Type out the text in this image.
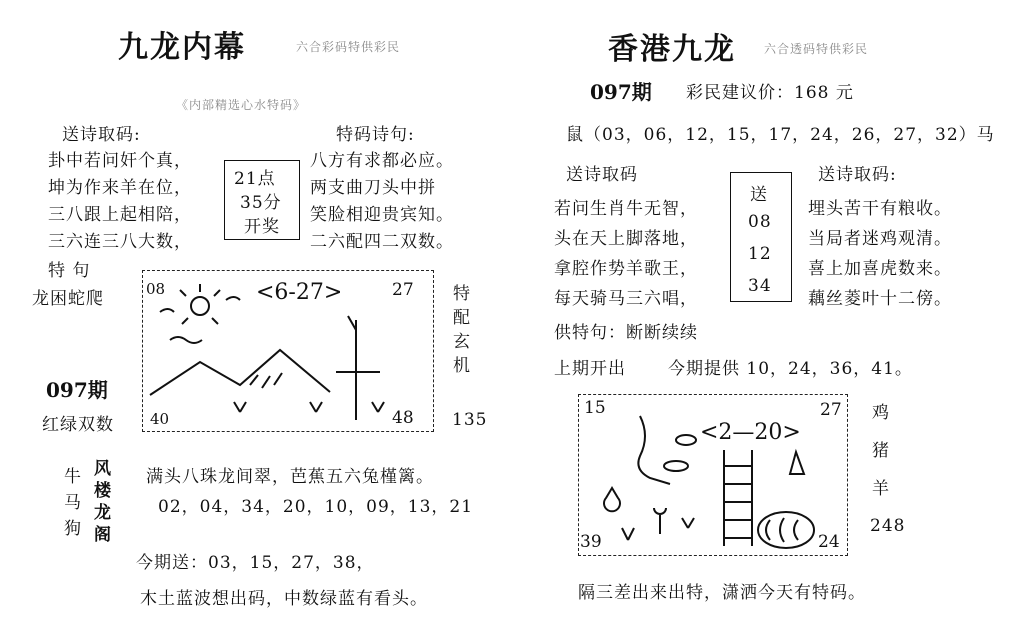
九龙内幕	六合彩码特供彩民
《内部精选心水特码》
送诗取码:
卦中若问奸个真，
坤为作来羊在位，
三八跟上起相陪，
三六连三八大数，
21点
35分
开奖
特码诗句:
八方有求都必应。
两支曲刀头中拼
笑脸相迎贵宾知。
二六配四二双数。
特 句
龙困蛇爬
097期
红绿双数
08	<6-27>	27
40	48
特配玄机
135
牛
马
狗
风
楼
龙
阁
满头八珠龙间翠，芭蕉五六兔槿篱。
02，04，34，20，10，09，13，21
今期送：03，15，27，38，
木土蓝波想出码，中数绿蓝有看头。
香港九龙 六合透码特供彩民
097期 彩民建议价：168 元
鼠（03，06，12，15，17，24，26，27，32）马
送诗取码
若问生肖牛无智，
头在天上脚落地，
拿腔作势羊歌王，
每天骑马三六唱，
送
08
12
34
送诗取码:
埋头苦干有粮收。
当局者迷鸡观清。
喜上加喜虎数来。
藕丝菱叶十二傍。
供特句：断断续续
上期开出 今期提供 10，24，36，41。
15
<2—20>
27
39	24
鸡
猪
羊
248
隔三差出来出特，潇洒今天有特码。
